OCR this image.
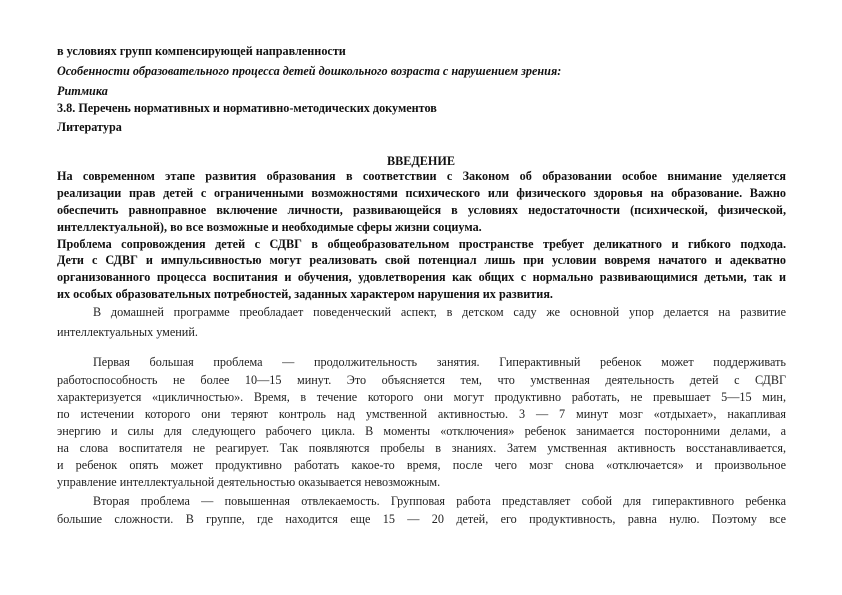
в условиях групп компенсирующей направленности
Особенности образовательного процесса детей дошкольного возраста с нарушением зрения:
Ритмика
3.8. Перечень нормативных и нормативно-методических документов
Литература
ВВЕДЕНИЕ
На современном этапе развития образования в соответствии с Законом об образовании особое внимание уделяется
реализации прав детей с ограниченными возможностями психического или физического здоровья на образование. Важно
обеспечить равноправное включение личности, развивающейся в условиях недостаточности (психической, физической,
интеллектуальной), во все возможные и необходимые сферы жизни социума.
Проблема сопровождения детей с СДВГ в общеобразовательном пространстве требует деликатного и гибкого подхода.
Дети с СДВГ и импульсивностью могут реализовать свой потенциал лишь при условии вовремя начатого и адекватно
организованного процесса воспитания и обучения, удовлетворения как общих с нормально развивающимися детьми, так и
их особых образовательных потребностей, заданных характером нарушения их развития.
В домашней программе преобладает поведенческий аспект, в детском саду же основной упор делается на развитие
интеллектуальных умений.
Первая большая проблема — продолжительность занятия. Гиперактивный ребенок может поддерживать
работоспособность не более 10—15 минут. Это объясняется тем, что умственная деятельность детей с СДВГ
характеризуется «цикличностью». Время, в течение которого они могут продуктивно работать, не превышает 5—15 мин,
по истечении которого они теряют контроль над умственной активностью. 3 — 7 минут мозг «отдыхает», накапливая
энергию и силы для следующего рабочего цикла. В моменты «отключения» ребенок занимается посторонними делами, а
на слова воспитателя не реагирует. Так появляются пробелы в знаниях. Затем умственная активность восстанавливается,
и ребенок опять может продуктивно работать какое-то время, после чего мозг снова «отключается» и произвольное
управление интеллектуальной деятельностью оказывается невозможным.
Вторая проблема — повышенная отвлекаемость. Групповая работа представляет собой для гиперактивного ребенка
большие сложности. В группе, где находится еще 15 — 20 детей, его продуктивность, равна нулю. Поэтому все
